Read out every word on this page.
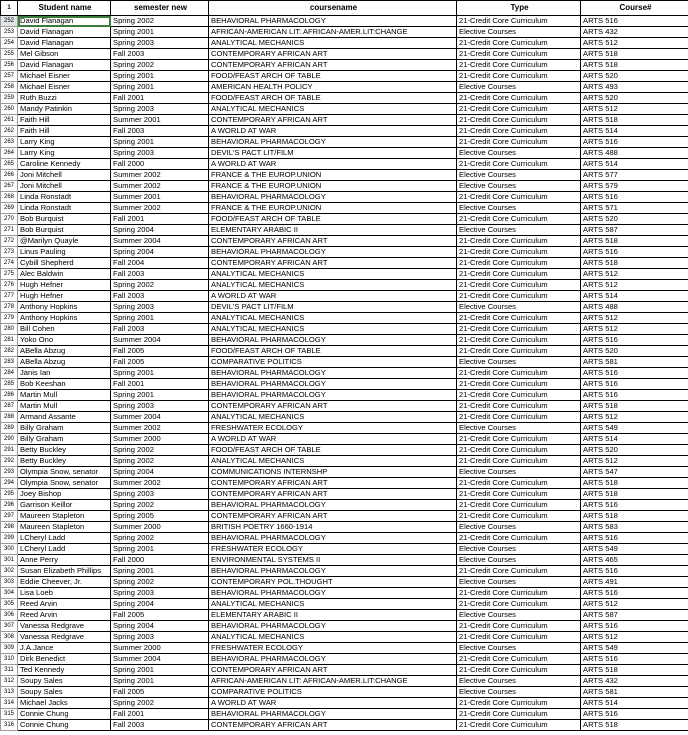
1	Student name	semester new	coursename	Type	Course#
252	David Flanagan	Spring 2002	BEHAVIORAL PHARMACOLOGY	21-Credit Core Curriculum	ARTS 516
253	David Flanagan	Spring 2001	AFRICAN-AMERICAN LIT: AFRICAN-AMER.LIT:CHANGE	Elective Courses	ARTS 432
254	David Flanagan	Spring 2003	ANALYTICAL MECHANICS	21-Credit Core Curriculum	ARTS 512
255	Mel Gibson	Fall 2003	CONTEMPORARY AFRICAN ART	21-Credit Core Curriculum	ARTS 518
256	David Flanagan	Spring 2002	CONTEMPORARY AFRICAN ART	21-Credit Core Curriculum	ARTS 518
257	Michael Eisner	Spring 2001	FOOD/FEAST ARCH OF TABLE	21-Credit Core Curriculum	ARTS 520
258	Michael Eisner	Spring 2001	AMERICAN HEALTH POLICY	Elective Courses	ARTS 493
259	Ruth Buzzi	Fall 2001	FOOD/FEAST ARCH OF TABLE	21-Credit Core Curriculum	ARTS 520
260	Mandy Patinkin	Spring 2003	ANALYTICAL MECHANICS	21-Credit Core Curriculum	ARTS 512
261	Faith Hill	Summer 2001	CONTEMPORARY AFRICAN ART	21-Credit Core Curriculum	ARTS 518
262	Faith Hill	Fall 2003	A WORLD AT WAR	21-Credit Core Curriculum	ARTS 514
263	Larry King	Spring 2001	BEHAVIORAL PHARMACOLOGY	21-Credit Core Curriculum	ARTS 516
264	Larry King	Spring 2003	DEVIL'S PACT LIT/FILM	Elective Courses	ARTS 488
265	Caroline Kennedy	Fall 2000	A WORLD AT WAR	21-Credit Core Curriculum	ARTS 514
266	Joni Mitchell	Summer 2002	FRANCE & THE EUROP.UNION	Elective Courses	ARTS 577
267	Joni Mitchell	Summer 2002	FRANCE & THE EUROP.UNION	Elective Courses	ARTS 579
268	Linda Ronstadt	Summer 2001	BEHAVIORAL PHARMACOLOGY	21-Credit Core Curriculum	ARTS 516
269	Linda Ronstadt	Summer 2002	FRANCE & THE EUROP.UNION	Elective Courses	ARTS 571
270	Bob Burquist	Fall 2001	FOOD/FEAST ARCH OF TABLE	21-Credit Core Curriculum	ARTS 520
271	Bob Burquist	Spring 2004	ELEMENTARY ARABIC II	Elective Courses	ARTS 587
272	@Marilyn Quayle	Summer 2004	CONTEMPORARY AFRICAN ART	21-Credit Core Curriculum	ARTS 518
273	Linus Pauling	Spring 2004	BEHAVIORAL PHARMACOLOGY	21-Credit Core Curriculum	ARTS 516
274	Cybill Shepherd	Fall 2004	CONTEMPORARY AFRICAN ART	21-Credit Core Curriculum	ARTS 518
275	Alec Baldwin	Fall 2003	ANALYTICAL MECHANICS	21-Credit Core Curriculum	ARTS 512
276	Hugh Hefner	Spring 2002	ANALYTICAL MECHANICS	21-Credit Core Curriculum	ARTS 512
277	Hugh Hefner	Fall 2003	A WORLD AT WAR	21-Credit Core Curriculum	ARTS 514
278	Anthony Hopkins	Spring 2003	DEVIL'S PACT LIT/FILM	Elective Courses	ARTS 488
279	Anthony Hopkins	Spring 2001	ANALYTICAL MECHANICS	21-Credit Core Curriculum	ARTS 512
280	Bill Cohen	Fall 2003	ANALYTICAL MECHANICS	21-Credit Core Curriculum	ARTS 512
281	Yoko Ono	Summer 2004	BEHAVIORAL PHARMACOLOGY	21-Credit Core Curriculum	ARTS 516
282	ABella Abzug	Fall 2005	FOOD/FEAST ARCH OF TABLE	21-Credit Core Curriculum	ARTS 520
283	ABella Abzug	Fall 2005	COMPARATIVE POLITICS	Elective Courses	ARTS 581
284	Janis Ian	Spring 2001	BEHAVIORAL PHARMACOLOGY	21-Credit Core Curriculum	ARTS 516
285	Bob Keeshan	Fall 2001	BEHAVIORAL PHARMACOLOGY	21-Credit Core Curriculum	ARTS 516
286	Martin Mull	Spring 2001	BEHAVIORAL PHARMACOLOGY	21-Credit Core Curriculum	ARTS 516
287	Martin Mull	Spring 2003	CONTEMPORARY AFRICAN ART	21-Credit Core Curriculum	ARTS 518
288	Armand Assante	Summer 2004	ANALYTICAL MECHANICS	21-Credit Core Curriculum	ARTS 512
289	Billy Graham	Summer 2002	FRESHWATER ECOLOGY	Elective Courses	ARTS 549
290	Billy Graham	Summer 2000	A WORLD AT WAR	21-Credit Core Curriculum	ARTS 514
291	Betty Buckley	Spring 2002	FOOD/FEAST ARCH OF TABLE	21-Credit Core Curriculum	ARTS 520
292	Betty Buckley	Spring 2002	ANALYTICAL MECHANICS	21-Credit Core Curriculum	ARTS 512
293	Olympia Snow, senator	Spring 2004	COMMUNICATIONS INTERNSHP	Elective Courses	ARTS 547
294	Olympia Snow, senator	Summer 2002	CONTEMPORARY AFRICAN ART	21-Credit Core Curriculum	ARTS 518
295	Joey Bishop	Spring 2003	CONTEMPORARY AFRICAN ART	21-Credit Core Curriculum	ARTS 518
296	Garrison Keillor	Spring 2002	BEHAVIORAL PHARMACOLOGY	21-Credit Core Curriculum	ARTS 516
297	Maureen Stapleton	Spring 2005	CONTEMPORARY AFRICAN ART	21-Credit Core Curriculum	ARTS 518
298	Maureen Stapleton	Summer 2000	BRITISH POETRY 1660-1914	Elective Courses	ARTS 583
299	LCheryl Ladd	Spring 2002	BEHAVIORAL PHARMACOLOGY	21-Credit Core Curriculum	ARTS 516
300	LCheryl Ladd	Spring 2001	FRESHWATER ECOLOGY	Elective Courses	ARTS 549
301	Anne Perry	Fall 2000	ENVIRONMENTAL SYSTEMS II	Elective Courses	ARTS 465
302	Susan Elizabeth Phillips	Spring 2001	BEHAVIORAL PHARMACOLOGY	21-Credit Core Curriculum	ARTS 516
303	Eddie Cheever, Jr.	Spring 2002	CONTEMPORARY POL.THOUGHT	Elective Courses	ARTS 491
304	Lisa Loeb	Spring 2003	BEHAVIORAL PHARMACOLOGY	21-Credit Core Curriculum	ARTS 516
305	Reed Arvin	Spring 2004	ANALYTICAL MECHANICS	21-Credit Core Curriculum	ARTS 512
306	Reed Arvin	Fall 2005	ELEMENTARY ARABIC II	Elective Courses	ARTS 587
307	Vanessa Redgrave	Spring 2004	BEHAVIORAL PHARMACOLOGY	21-Credit Core Curriculum	ARTS 516
308	Vanessa Redgrave	Spring 2003	ANALYTICAL MECHANICS	21-Credit Core Curriculum	ARTS 512
309	J.A.Jance	Summer 2000	FRESHWATER ECOLOGY	Elective Courses	ARTS 549
310	Dirk Benedict	Summer 2004	BEHAVIORAL PHARMACOLOGY	21-Credit Core Curriculum	ARTS 516
311	Ted Kennedy	Spring 2001	CONTEMPORARY AFRICAN ART	21-Credit Core Curriculum	ARTS 518
312	Soupy Sales	Spring 2001	AFRICAN-AMERICAN LIT: AFRICAN-AMER.LIT:CHANGE	Elective Courses	ARTS 432
313	Soupy Sales	Fall 2005	COMPARATIVE POLITICS	Elective Courses	ARTS 581
314	Michael Jacks	Spring 2002	A WORLD AT WAR	21-Credit Core Curriculum	ARTS 514
315	Connie Chung	Fall 2001	BEHAVIORAL PHARMACOLOGY	21-Credit Core Curriculum	ARTS 516
316	Connie Chung	Fall 2003	CONTEMPORARY AFRICAN ART	21-Credit Core Curriculum	ARTS 518
